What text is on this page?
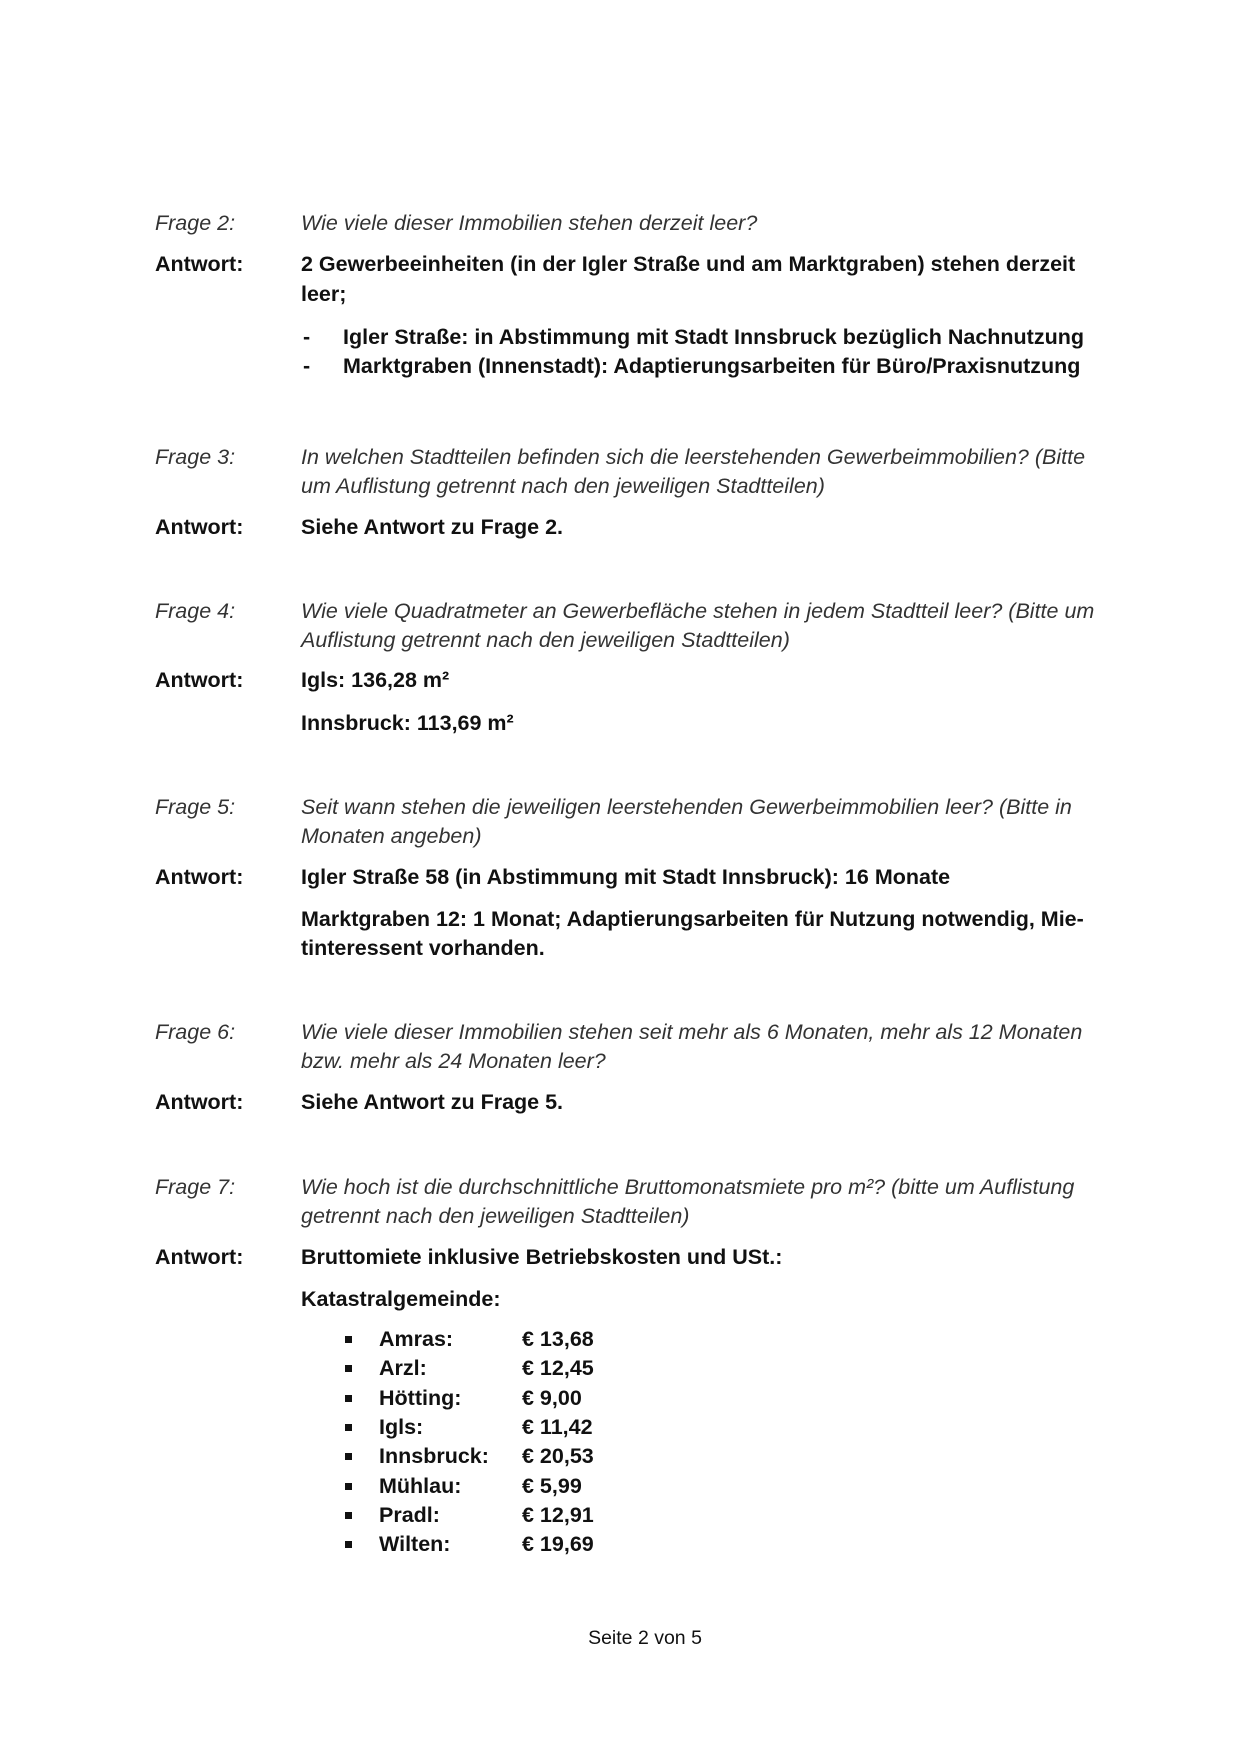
Frage 2:	Wie viele dieser Immobilien stehen derzeit leer?
Antwort:	2 Gewerbeeinheiten (in der Igler Straße und am Marktgraben) stehen derzeit
leer;
- Igler Straße: in Abstimmung mit Stadt Innsbruck bezüglich Nachnutzung
- Marktgraben (Innenstadt): Adaptierungsarbeiten für Büro/Praxisnutzung
Frage 3:	In welchen Stadtteilen befinden sich die leerstehenden Gewerbeimmobilien? (Bitte
um Auflistung getrennt nach den jeweiligen Stadtteilen)
Antwort:	Siehe Antwort zu Frage 2.
Frage 4:	Wie viele Quadratmeter an Gewerbefläche stehen in jedem Stadtteil leer? (Bitte um
Auflistung getrennt nach den jeweiligen Stadtteilen)
Antwort:	Igls: 136,28 m²
Innsbruck: 113,69 m²
Frage 5:	Seit wann stehen die jeweiligen leerstehenden Gewerbeimmobilien leer? (Bitte in
Monaten angeben)
Antwort:	Igler Straße 58 (in Abstimmung mit Stadt Innsbruck): 16 Monate
Marktgraben 12: 1 Monat; Adaptierungsarbeiten für Nutzung notwendig, Mie-
tinteressent vorhanden.
Frage 6:	Wie viele dieser Immobilien stehen seit mehr als 6 Monaten, mehr als 12 Monaten
bzw. mehr als 24 Monaten leer?
Antwort:	Siehe Antwort zu Frage 5.
Frage 7:	Wie hoch ist die durchschnittliche Bruttomonatsmiete pro m²? (bitte um Auflistung
getrennt nach den jeweiligen Stadtteilen)
Antwort:	Bruttomiete inklusive Betriebskosten und USt.:
Katastralgemeinde:
Amras:	€ 13,68
Arzl:	€ 12,45
Hötting:	€ 9,00
Igls:	€ 11,42
Innsbruck: € 20,53
Mühlau:	€ 5,99
Pradl:	€ 12,91
Wilten:	€ 19,69
Seite 2 von 5
